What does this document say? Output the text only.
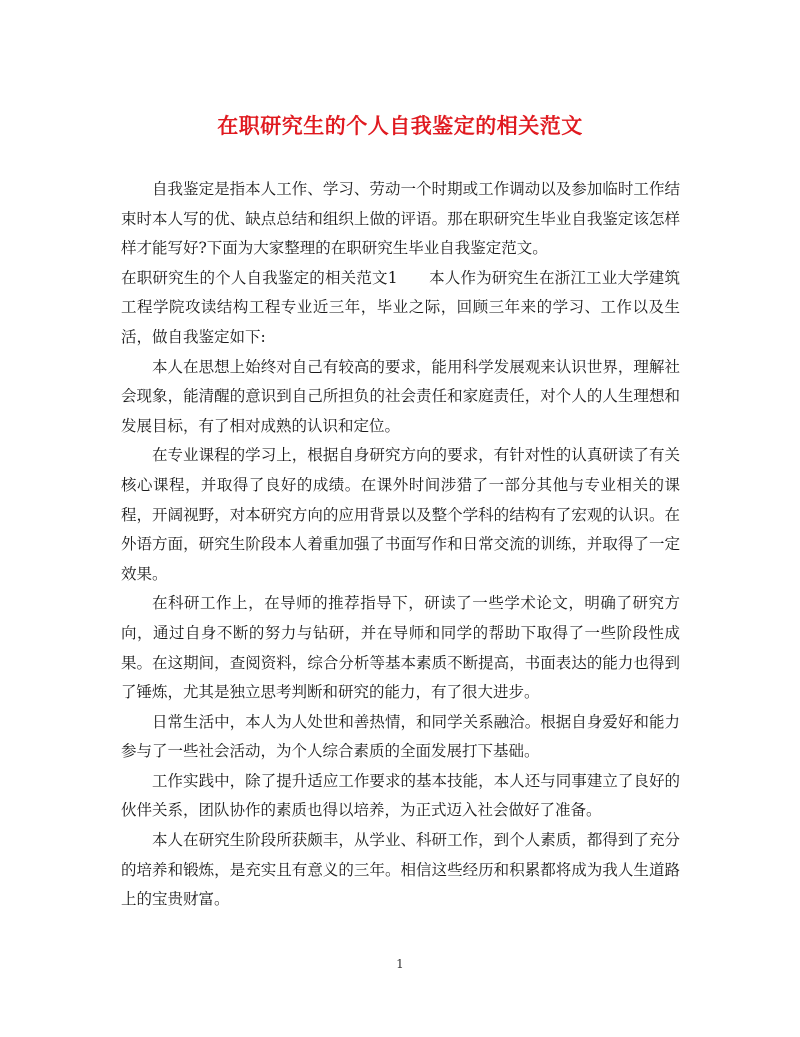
在职研究生的个人自我鉴定的相关范文

自我鉴定是指本人工作、学习、劳动一个时期或工作调动以及参加临时工作结束时本人写的优、缺点总结和组织上做的评语。那在职研究生毕业自我鉴定该怎样样才能写好?下面为大家整理的在职研究生毕业自我鉴定范文。

在职研究生的个人自我鉴定的相关范文1　　本人作为研究生在浙江工业大学建筑工程学院攻读结构工程专业近三年，毕业之际，回顾三年来的学习、工作以及生活，做自我鉴定如下:

本人在思想上始终对自己有较高的要求，能用科学发展观来认识世界，理解社会现象，能清醒的意识到自己所担负的社会责任和家庭责任，对个人的人生理想和发展目标，有了相对成熟的认识和定位。

在专业课程的学习上，根据自身研究方向的要求，有针对性的认真研读了有关核心课程，并取得了良好的成绩。在课外时间涉猎了一部分其他与专业相关的课程，开阔视野，对本研究方向的应用背景以及整个学科的结构有了宏观的认识。在外语方面，研究生阶段本人着重加强了书面写作和日常交流的训练，并取得了一定效果。

在科研工作上，在导师的推荐指导下，研读了一些学术论文，明确了研究方向，通过自身不断的努力与钻研，并在导师和同学的帮助下取得了一些阶段性成果。在这期间，查阅资料，综合分析等基本素质不断提高，书面表达的能力也得到了锤炼，尤其是独立思考判断和研究的能力，有了很大进步。

日常生活中，本人为人处世和善热情，和同学关系融洽。根据自身爱好和能力参与了一些社会活动，为个人综合素质的全面发展打下基础。

工作实践中，除了提升适应工作要求的基本技能，本人还与同事建立了良好的伙伴关系，团队协作的素质也得以培养，为正式迈入社会做好了准备。

本人在研究生阶段所获颇丰，从学业、科研工作，到个人素质，都得到了充分的培养和锻炼，是充实且有意义的三年。相信这些经历和积累都将成为我人生道路上的宝贵财富。

1
